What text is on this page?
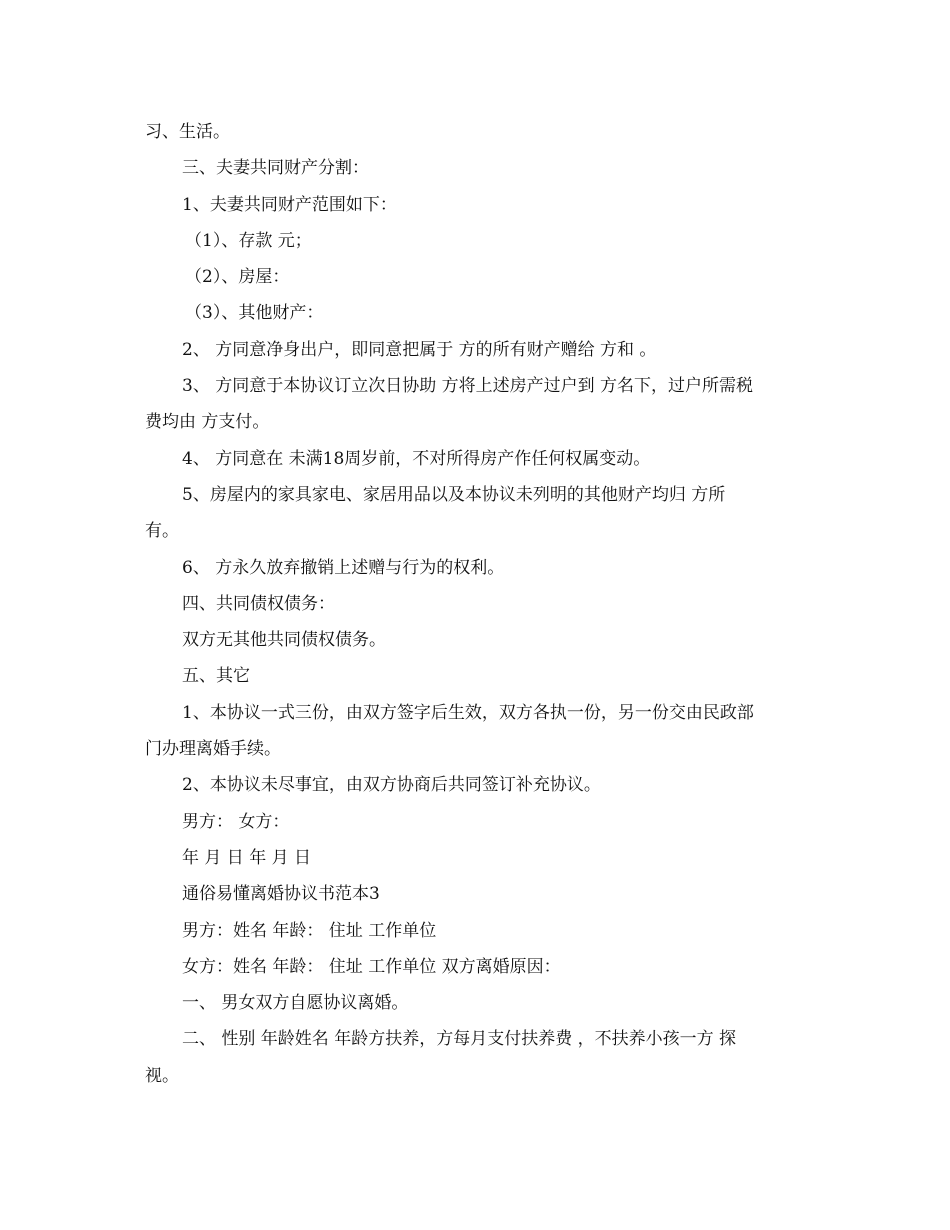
习、生活。
三、夫妻共同财产分割：
1、夫妻共同财产范围如下：
（1）、存款 元；
（2）、房屋：
（3）、其他财产：
2、 方同意净身出户，即同意把属于 方的所有财产赠给 方和 。
3、 方同意于本协议订立次日协助 方将上述房产过户到 方名下，过户所需税
费均由 方支付。
4、 方同意在 未满18周岁前，不对所得房产作任何权属变动。
5、房屋内的家具家电、家居用品以及本协议未列明的其他财产均归 方所
有。
6、 方永久放弃撤销上述赠与行为的权利。
四、共同债权债务：
双方无其他共同债权债务。
五、其它
1、本协议一式三份，由双方签字后生效，双方各执一份，另一份交由民政部
门办理离婚手续。
2、本协议未尽事宜，由双方协商后共同签订补充协议。
男方： 女方：
年 月 日 年 月 日
通俗易懂离婚协议书范本3
男方：姓名 年龄： 住址 工作单位
女方：姓名 年龄： 住址 工作单位 双方离婚原因：
一、 男女双方自愿协议离婚。
二、 性别 年龄姓名 年龄方扶养，方每月支付扶养费 ，不扶养小孩一方 探
视。
